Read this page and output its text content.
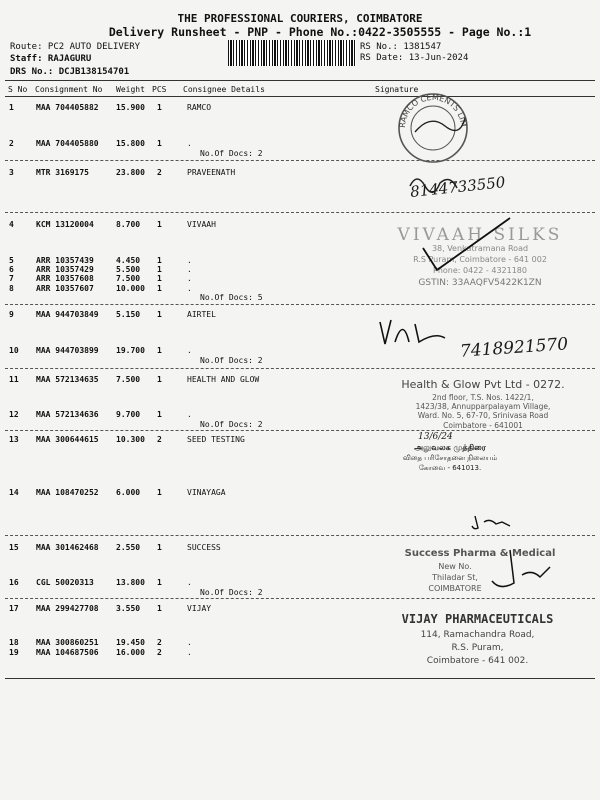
THE PROFESSIONAL COURIERS, COIMBATORE
Delivery Runsheet - PNP - Phone No.:0422-3505555 - Page No.:1
Route: PC2 AUTO DELIVERY
Staff: RAJAGURU
DRS No.: DCJB138154701
RS No.: 1381547
RS Date: 13-Jun-2024
S No Consignment No Weight PCS Consignee Details	Signature
1	MAA 704405882 15.900 1	RAMCO
2	MAA 704405880 15.800 1	.
No.Of Docs: 2
3	MTR 3169175	23.800 2	PRAVEENATH
4	KCM 13120004	8.700 1	VIVAAH
5	ARR 10357439	4.450 1	.
6	ARR 10357429	5.500 1	.
7	ARR 10357608	7.500 1	.
8	ARR 10357607	10.000 1	.
No.Of Docs: 5
9	MAA 944703849 5.150 1	AIRTEL
10 MAA 944703899 19.700 1	.
No.Of Docs: 2
11 MAA 572134635 7.500 1	HEALTH AND GLOW
12 MAA 572134636 9.700 1	.
No.Of Docs: 2
13 MAA 300644615 10.300 2	SEED TESTING
14 MAA 108470252 6.000 1	VINAYAGA
15 MAA 301462468 2.550 1	SUCCESS
16 CGL 50020313	13.800 1	.
No.Of Docs: 2
17 MAA 299427708 3.550 1	VIJAY
18 MAA 300860251 19.450 2	.
19 MAA 104687506 16.000 2	.
RAMCO CEMENTS LIM
8144733550
VIVAAH SILKS
38, Venkatramana Road
R.S Puram, Coimbatore - 641 002
Phone: 0422 - 4321180
GSTIN: 33AAQFV5422K1ZN
7418921570
Health & Glow Pvt Ltd - 0272.
2nd floor, T.S. Nos. 1422/1,
1423/38, Annupparpalayam Village,
Ward. No. 5, 67-70, Srinivasa Road
Coimbatore - 641001
13/6/24
அலுவலக முத்திரை
விதை பரிசோதனை நிலையம்
கோவை - 641013.
Success Pharma & Medical
New No.
Thiladar St,
COIMBATORE
VIJAY PHARMACEUTICALS
114, Ramachandra Road,
R.S. Puram,
Coimbatore - 641 002.
